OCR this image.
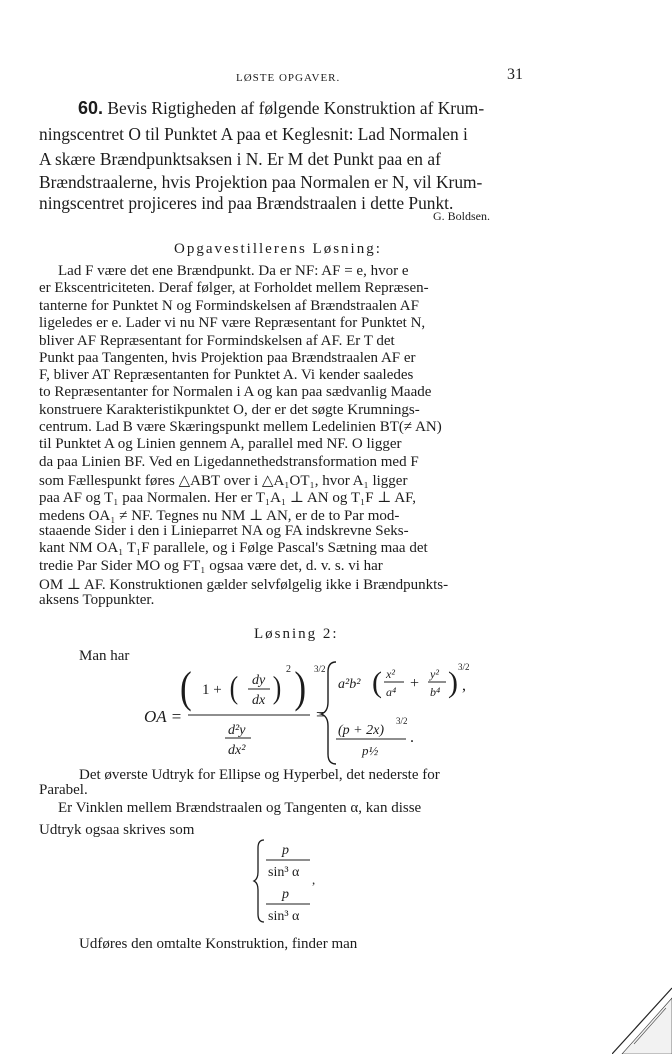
LØSTE OPGAVER.	31
60. Bevis Rigtigheden af følgende Konstruktion af Krum-
ningscentret O til Punktet A paa et Keglesnit: Lad Normalen i
A skære Brændpunktsaksen i N. Er M det Punkt paa en af
Brændstraalerne, hvis Projektion paa Normalen er N, vil Krum-
ningscentret projiceres ind paa Brændstraalen i dette Punkt.
G. Boldsen.
Opgavestillerens Løsning:
Lad F være det ene Brændpunkt. Da er NF: AF = e, hvor e
er Ekscentriciteten. Deraf følger, at Forholdet mellem Repræsen-
tanterne for Punktet N og Formindskelsen af Brændstraalen AF
ligeledes er e. Lader vi nu NF være Repræsentant for Punktet N,
bliver AF Repræsentant for Formindskelsen af AF. Er T det
Punkt paa Tangenten, hvis Projektion paa Brændstraalen AF er
F, bliver AT Repræsentanten for Punktet A. Vi kender saaledes
to Repræsentanter for Normalen i A og kan paa sædvanlig Maade
konstruere Karakteristikpunktet O, der er det søgte Krumnings-
centrum. Lad B være Skæringspunkt mellem Ledelinien BT(≠ AN)
til Punktet A og Linien gennem A, parallel med NF. O ligger
da paa Linien BF. Ved en Ligedannethedstransformation med F
som Fællespunkt føres △ABT over i △A₁OT₁, hvor A₁ ligger
paa AF og T₁ paa Normalen. Her er T₁A₁ ⊥ AN og T₁F ⊥ AF,
medens OA₁ ≠ NF. Tegnes nu NM ⊥ AN, er de to Par mod-
staaende Sider i den i Linieparret NA og FA indskrevne Seks-
kant NM OA₁ T₁F parallele, og i Følge Pascal's Sætning maa det
tredie Par Sider MO og FT₁ ogsaa være det, d. v. s. vi har
OM ⊥ AF. Konstruktionen gælder selvfølgelig ikke i Brændpunkts-
aksens Toppunkter.
Løsning 2:
Man har
OA =
( 1 + ( dy
dx )
2 ) 3/2
d²y
dx²
=
a²b² ( x²
a⁴ +
y²
b⁴ ) 3/2
,
(p + 2x)
3/2
p½
.
Det øverste Udtryk for Ellipse og Hyperbel, det nederste for
Parabel.
Er Vinklen mellem Brændstraalen og Tangenten α, kan disse
Udtryk ogsaa skrives som
p
sin³ α ,
p
sin³ α
Udføres den omtalte Konstruktion, finder man
